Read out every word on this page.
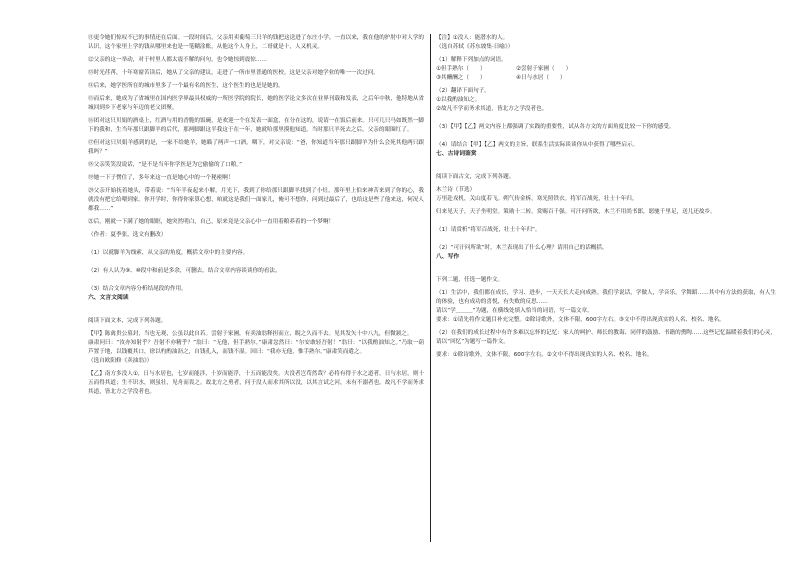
⑪更令她们惊叹不已的事情还在后面。一段时间后，父亲用卖葡萄三只羊的钱把这送进了东庄小学。一直以来，我在他的护肘中对人学的认识，这个家里上学的钱从哪里来也是一笔糊涂账，从他这个人身上，二哥就是十，人又机灵。

⑫父亲的这一举动，对于村里人都太震不解的问句，也令她惊到震惊……

⑬时光荏苒，十年寒窗苦读后，她从了父亲的建议，走进了一所市里普通的医校。这是父亲对她学业的唯一一次过问。

⑭后来，她学医所在的城市里多了一个最有名的医生，这个医生的也是是她的。

⑮而后来，她成为了省城里在国内医学界最具权威的一所医学院的院长，她的医学论文多次在业界刊载和发表，之后年中秋，他特地从省城回到乡下老家与年迈的老父团聚。

⑯团对这只贝娟的酒桌上，红酒与用的香脆的饭碗，是欢迎一个在发表一面盒，在分在这的，说请一在饭后前来。只可几只马如既然一脚下的我和，生当年那只跟脚羊的后代，那两脚跟这半我这于在一年，她就哈那里摸他知道，当时那只羊死去之后，父亲的眼圈红了。

⑰但对这只贝娟羊感到的是，一家不给她羊，她瞄了两声一口酒，咽下，对父亲说：“爸，你知道当年那只跟脚羊为什么会死其他两只跟我吗？”

⑱父亲笑笑没说话，“是不是当年你学医是为它偷偷的了口粮。”

⑲她一下子愣住了，多年来这一直是她心中的一个秘密啊！

⑳父亲开始抚着她头，带着说：“当年半夜起来小解，月光下，我到了你给那只跟脚羊找到了小灶，那年里上伯来神苦来到了你的心，我就没有把它给喂到家。你开学时，你得你家算心想，咱就这是我们一面家儿，俺可不想你，问到过最后了，也给这是些了他来这，何况人都我……”

㉑后，刚就一下满了她的眼眶，她突然明白，自己，原来竟是父亲心中一直用着粮养着的一个梦啊！

（作者：夏季张，选文有删改）

（1）以就脚羊为线索，从父亲的角度，概括文章中的主要内容。

（2）有人认为⑨、⑩段中和前是多余，可删去。结合文章内容谈谈你的看法。

（3）结合文章内容分析结尾段的作用。

六、文言文阅读

阅读下面文本，完成下列各题。

【甲】陈禽贵公墓封，当也无观，公虽以此自若。尝射于家圃，有卖油翁释担而立，睨之久而不去。见其发矢十中八九，但微颔之。

康肃问曰：“汝亦知射乎？吾射不亦精乎？”翁曰：“无他，但手熟尔。”康肃忿然曰：“尔安敢轻吾射！”翁曰：“以我酌油知之。”乃取一葫芦置于地，以钱覆其口，徐以杓酌油沥之，自钱孔入，而钱不湿。因曰：“我亦无他，惟手熟尔。”康肃笑而遣之。

（选自欧阳修《卖油翁》）

【乙】南方多没人①，日与水居也，七岁而能涉，十岁而能浮，十五而能没矣。夫没者岂苟然哉？必将有得于水之道者。日与水居，则十五而得其道；生不识水，则虽壮，见舟而畏之。故北方之勇者，问于没人而求其所以没，以其言试之河，未有不溺者也。故凡不学而务求其道，皆北方之学没者也。

【注】①没人：能潜水的人。

（选自苏轼《苏东坡集·日喻》）

（1）解释下列加点的词语。

①但手熟尔（　　）	②尝射于家圃（　　）
③其酬酬之（　　）	④日与水居（　　）

（2）翻译下面句子。

①以我酌油知之。

②故凡不学而务求其道，皆北方之学没者也。

（3）【甲】【乙】两文内容上都强调了实践的重要性，试从各方文的方面角度比较一下你的感受。

（4）请结合【甲】【乙】两文的主旨，联系生活实际谈谈你从中获得了哪些启示。

七、古诗词鉴赏

阅读下面古文，完成下列各题。

木兰诗（节选）

万里赴戎机，关山度若飞。朔气传金柝，寒光照铁衣。将军百战死，壮士十年归。

归来见天子，天子坐明堂。策勋十二转，赏赐百千强。可汗问所欲，木兰不用尚书郎，愿驰千里足，送儿还故乡。

（1）请赏析“将军百战死，壮士十年归”。

（2）“可汗问所欲”时，木兰表现出了什么心理？请用自己的话概括。

八、写作

下列二题，任选一题作文。

（1）生活中，我们都在成长，学习、进步，一天天长大走向成熟。我们学说话，学做人，学音乐，学舞蹈……其中有方法的获取，有人生的体验，也有成功的喜悦，有失败的反思……

请以“学＿＿＿”为题，在横线处填入恰当的词语，写一篇文章。

要求：①请先将作文题目补充完整。②除诗歌外，文体不限，600字左右。③文中不得出现真实的人名、校名、地名。

（2）在我们的成长过程中有许多难以忘怀的记忆：家人的呵护、师长的教诲、同伴的鼓励、书籍的熏陶……这些记忆温暖着我们的心灵，请以“回忆”为题写一篇作文。

要求：①除诗歌外，文体不限，600字左右。②文中不得出现真实的人名、校名、地名。
